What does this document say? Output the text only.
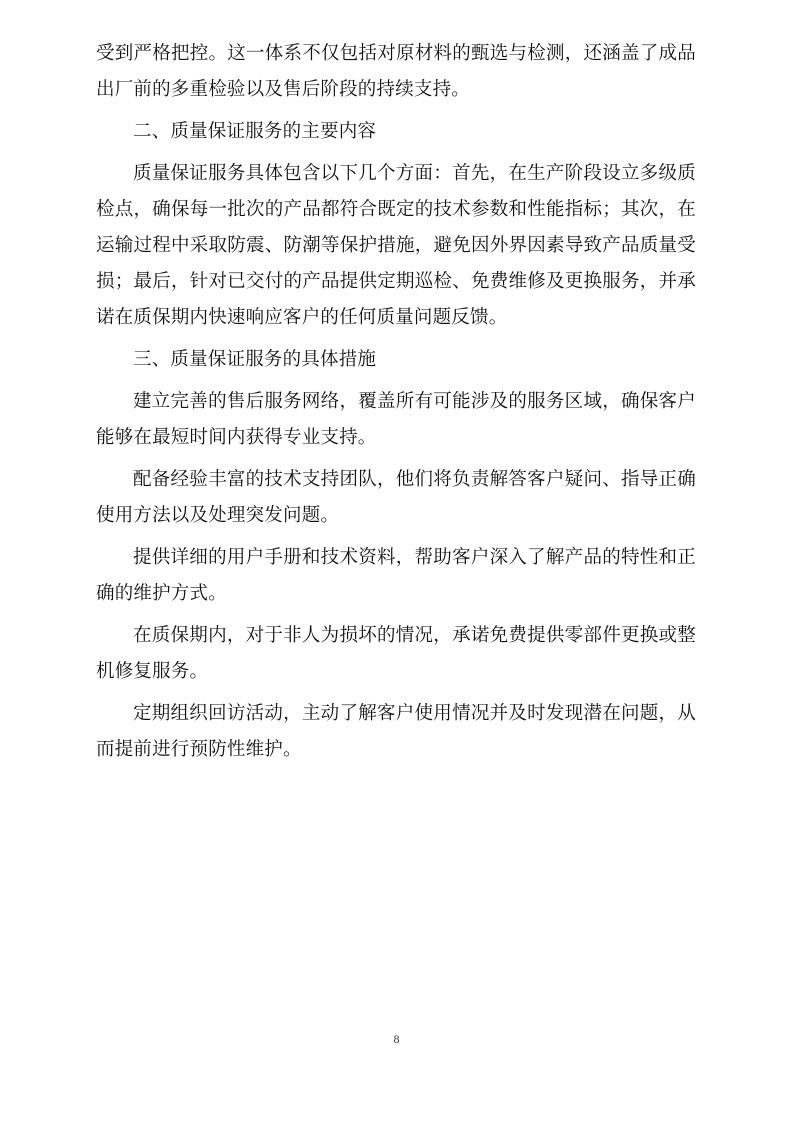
受到严格把控。这一体系不仅包括对原材料的甄选与检测，还涵盖了成品出厂前的多重检验以及售后阶段的持续支持。

二、质量保证服务的主要内容

质量保证服务具体包含以下几个方面：首先，在生产阶段设立多级质检点，确保每一批次的产品都符合既定的技术参数和性能指标；其次，在运输过程中采取防震、防潮等保护措施，避免因外界因素导致产品质量受损；最后，针对已交付的产品提供定期巡检、免费维修及更换服务，并承诺在质保期内快速响应客户的任何质量问题反馈。

三、质量保证服务的具体措施

建立完善的售后服务网络，覆盖所有可能涉及的服务区域，确保客户能够在最短时间内获得专业支持。

配备经验丰富的技术支持团队，他们将负责解答客户疑问、指导正确使用方法以及处理突发问题。

提供详细的用户手册和技术资料，帮助客户深入了解产品的特性和正确的维护方式。

在质保期内，对于非人为损坏的情况，承诺免费提供零部件更换或整机修复服务。

定期组织回访活动，主动了解客户使用情况并及时发现潜在问题，从而提前进行预防性维护。

8
